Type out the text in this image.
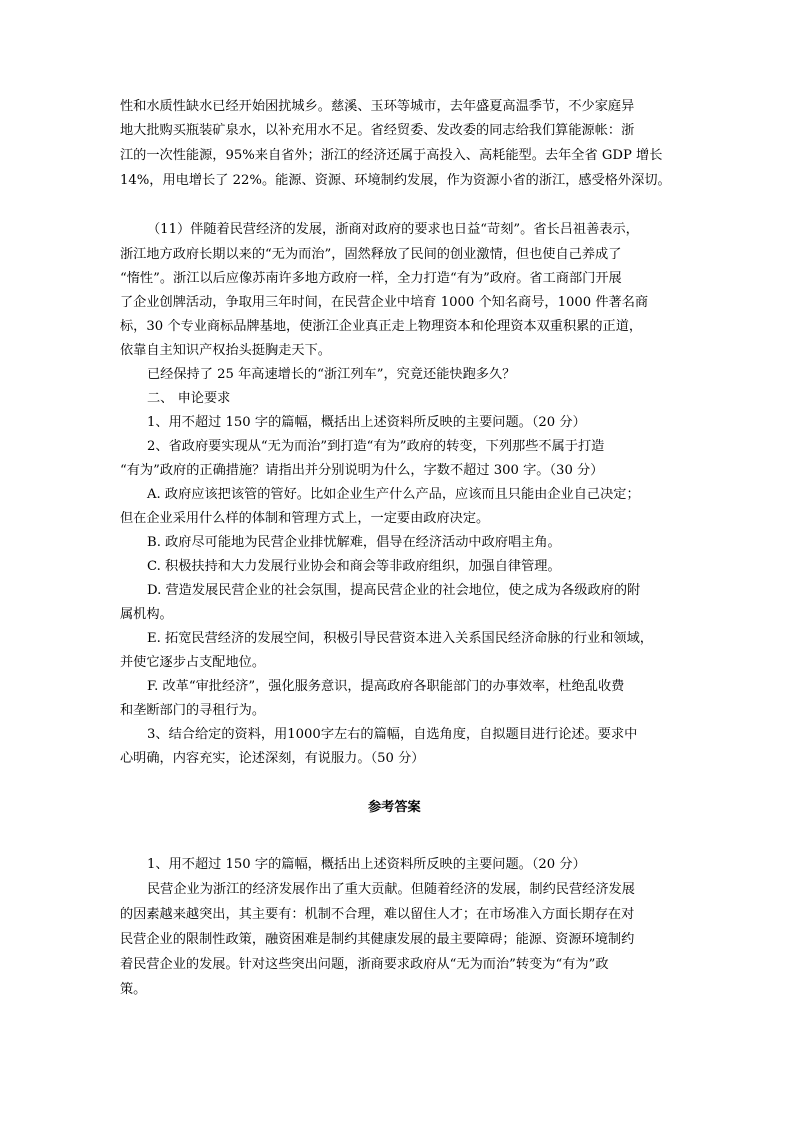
性和水质性缺水已经开始困扰城乡。慈溪、玉环等城市，去年盛夏高温季节，不少家庭异
地大批购买瓶装矿泉水，以补充用水不足。省经贸委、发改委的同志给我们算能源帐：浙
江的一次性能源，95%来自省外；浙江的经济还属于高投入、高耗能型。去年全省 GDP 增长
14%，用电增长了 22%。能源、资源、环境制约发展，作为资源小省的浙江，感受格外深切。
（11）伴随着民营经济的发展，浙商对政府的要求也日益“苛刻”。省长吕祖善表示，
浙江地方政府长期以来的“无为而治”，固然释放了民间的创业激情，但也使自己养成了
“惰性”。浙江以后应像苏南许多地方政府一样，全力打造“有为”政府。省工商部门开展
了企业创牌活动，争取用三年时间，在民营企业中培育 1000 个知名商号，1000 件著名商
标，30 个专业商标品牌基地，使浙江企业真正走上物理资本和伦理资本双重积累的正道，
依靠自主知识产权抬头挺胸走天下。
已经保持了 25 年高速增长的“浙江列车”，究竟还能快跑多久？
二、 申论要求
1、用不超过 150 字的篇幅，概括出上述资料所反映的主要问题。（20 分）
2、省政府要实现从“无为而治”到打造“有为”政府的转变，下列那些不属于打造
“有为”政府的正确措施？请指出并分别说明为什么，字数不超过 300 字。（30 分）
A. 政府应该把该管的管好。比如企业生产什么产品，应该而且只能由企业自己决定；
但在企业采用什么样的体制和管理方式上，一定要由政府决定。
B. 政府尽可能地为民营企业排忧解难，倡导在经济活动中政府唱主角。
C. 积极扶持和大力发展行业协会和商会等非政府组织，加强自律管理。
D. 营造发展民营企业的社会氛围，提高民营企业的社会地位，使之成为各级政府的附
属机构。
E. 拓宽民营经济的发展空间，积极引导民营资本进入关系国民经济命脉的行业和领域，
并使它逐步占支配地位。
F. 改革“审批经济”，强化服务意识，提高政府各职能部门的办事效率，杜绝乱收费
和垄断部门的寻租行为。
3、结合给定的资料，用1000字左右的篇幅，自选角度，自拟题目进行论述。要求中
心明确，内容充实，论述深刻，有说服力。（50 分）
参考答案
1、用不超过 150 字的篇幅，概括出上述资料所反映的主要问题。（20 分）
民营企业为浙江的经济发展作出了重大贡献。但随着经济的发展，制约民营经济发展
的因素越来越突出，其主要有：机制不合理，难以留住人才；在市场准入方面长期存在对
民营企业的限制性政策，融资困难是制约其健康发展的最主要障碍；能源、资源环境制约
着民营企业的发展。针对这些突出问题，浙商要求政府从“无为而治”转变为“有为”政
策。
